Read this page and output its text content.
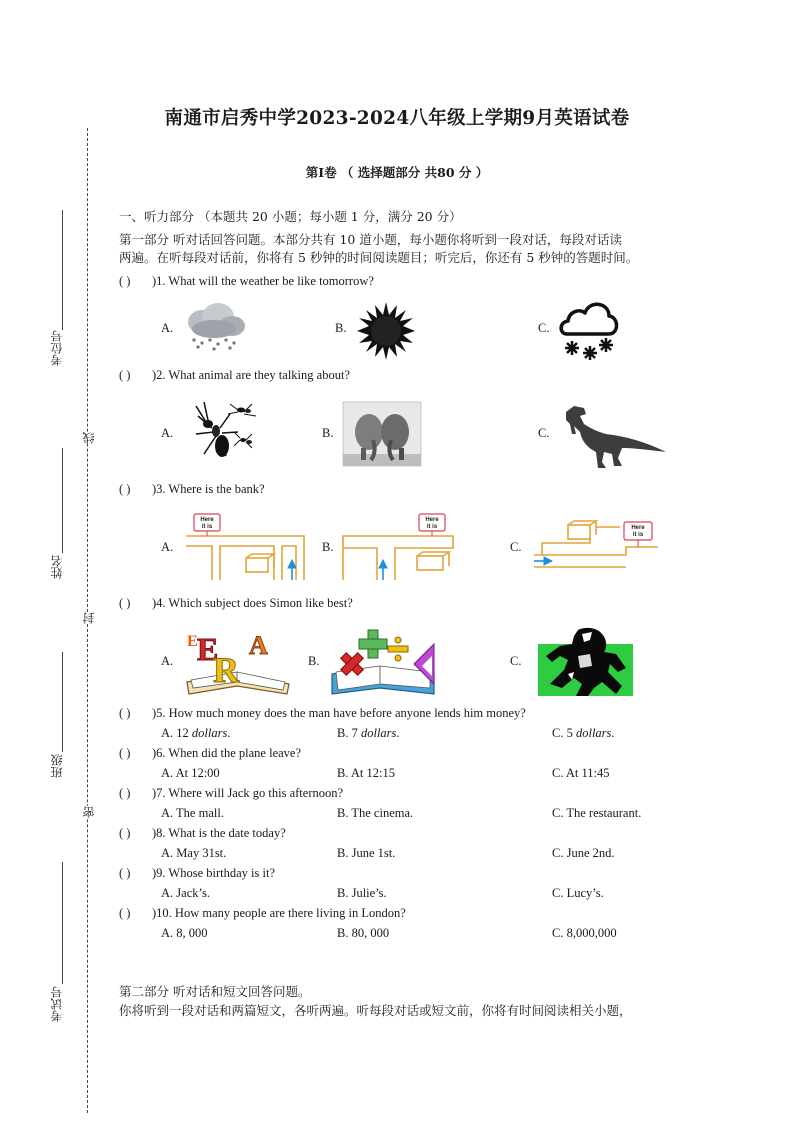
考位号
线
姓名
封
班级
密
考试号
南通市启秀中学2023-2024八年级上学期9月英语试卷
第Ⅰ卷 （ 选择题部分 共80 分 ）
一、听力部分 （本题共 20 小题；每小题 1 分，满分 20 分）
第一部分 听对话回答问题。本部分共有 10 道小题，每小题你将听到一段对话，每段对话读
两遍。在听每段对话前，你将有 5 秒钟的时间阅读题目；听完后，你还有 5 秒钟的答题时间。
( ) )1. What will the weather be like tomorrow?
A.	B.	C.
( ) )2. What animal are they talking about?
A.	B.	C.
( ) )3. Where is the bank?
A.	B.	C.
Here
it is
Here
it is	Here
it is
( ) )4. Which subject does Simon like best?
A.	B.	C.
E
R
A
E
( ) )5. How much money does the man have before anyone lends him money?
A. 12 dollars.	B. 7 dollars.	C. 5 dollars.
( ) )6. When did the plane leave?
A. At 12:00	B. At 12:15	C. At 11:45
( ) )7. Where will Jack go this afternoon?
A. The mall.	B. The cinema.	C. The restaurant.
( ) )8. What is the date today?
A. May 31st.	B. June 1st.	C. June 2nd.
( ) )9. Whose birthday is it?
A. Jack’s.	B. Julie’s.	C. Lucy’s.
( ) )10. How many people are there living in London?
A. 8, 000	B. 80, 000	C. 8,000,000
第二部分 听对话和短文回答问题。
你将听到一段对话和两篇短文，各听两遍。听每段对话或短文前，你将有时间阅读相关小题，
